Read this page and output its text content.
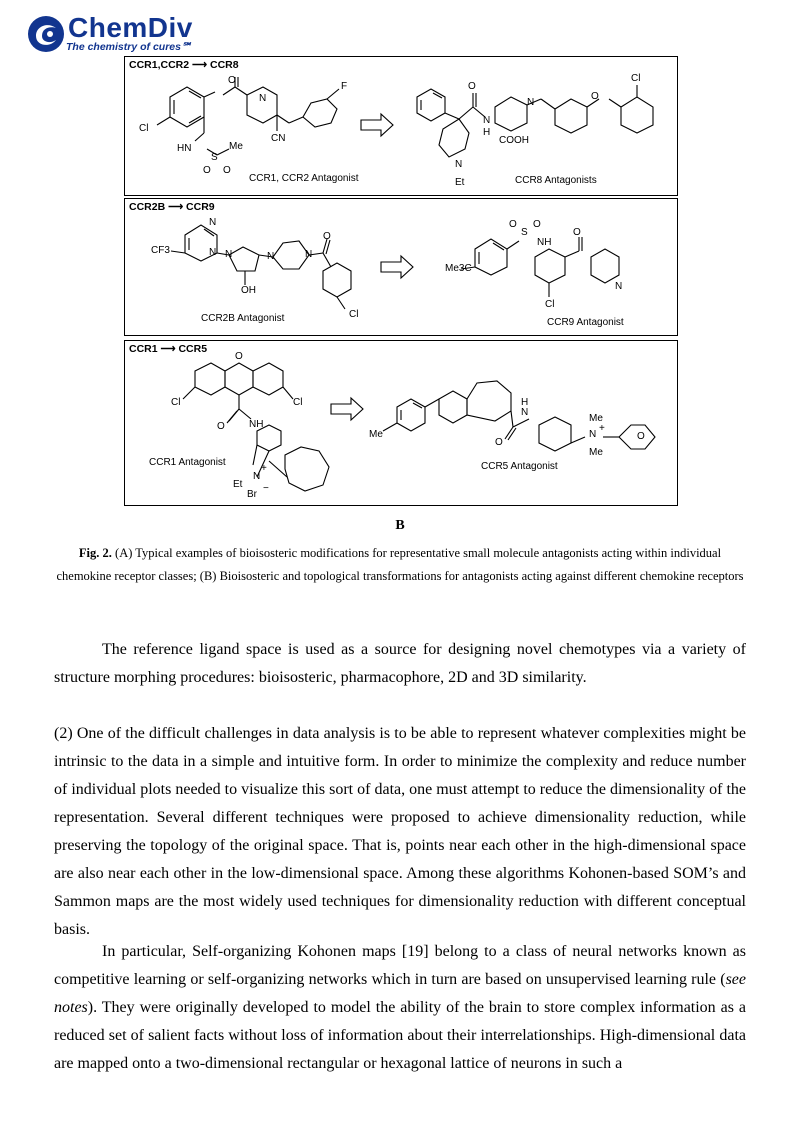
ChemDiv
The chemistry of cures℠
CCR1,CCR2 ⟶ CCR8
O
F
Cl
N
CN
HN
S
Me
O O
Cl
O
O
N
N
H
COOH
N
Et
CCR1, CCR2 Antagonist	CCR8 Antagonists
CCR2B ⟶ CCR9
N
N
CF3	N	N	N
OH
O
Cl
O
S
O
NH
O
Me3C
N
Cl
CCR2B Antagonist	CCR9 Antagonist
CCR1 ⟶ CCR5
O
Cl	Cl
O NH
N
+
Et
Br
−
Me
H
N
O
N
+
Me
Me
O
CCR1 Antagonist	CCR5 Antagonist
B
Fig. 2. (A) Typical examples of bioisosteric modifications for representative small molecule antagonists acting within individual chemokine receptor classes; (B) Bioisosteric and topological transformations for antagonists acting against different chemokine receptors
The reference ligand space is used as a source for designing novel chemotypes via a variety of structure morphing procedures: bioisosteric, pharmacophore, 2D and 3D similarity.
(2) One of the difficult challenges in data analysis is to be able to represent whatever complexities might be intrinsic to the data in a simple and intuitive form. In order to minimize the complexity and reduce number of individual plots needed to visualize this sort of data, one must attempt to reduce the dimensionality of the representation. Several different techniques were proposed to achieve dimensionality reduction, while preserving the topology of the original space. That is, points near each other in the high-dimensional space are also near each other in the low-dimensional space. Among these algorithms Kohonen-based SOM’s and Sammon maps are the most widely used techniques for dimensionality reduction with different conceptual basis.
In particular, Self-organizing Kohonen maps [19] belong to a class of neural networks known as competitive learning or self-organizing networks which in turn are based on unsupervised learning rule (see notes). They were originally developed to model the ability of the brain to store complex information as a reduced set of salient facts without loss of information about their interrelationships. High-dimensional data are mapped onto a two-dimensional rectangular or hexagonal lattice of neurons in such a
